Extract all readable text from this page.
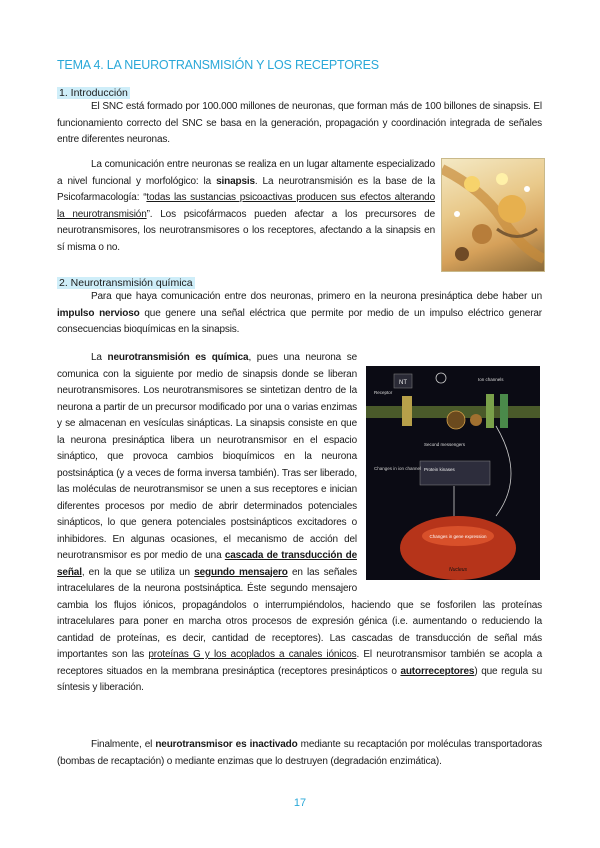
TEMA 4. LA NEUROTRANSMISIÓN Y LOS RECEPTORES
1. Introducción
El SNC está formado por 100.000 millones de neuronas, que forman más de 100 billones de sinapsis. El funcionamiento correcto del SNC se basa en la generación, propagación y coordinación integrada de señales entre diferentes neuronas.
La comunicación entre neuronas se realiza en un lugar altamente especializado a nivel funcional y morfológico: la sinapsis. La neurotransmisión es la base de la Psicofarmacología: “todas las sustancias psicoactivas producen sus efectos alterando la neurotransmisión”. Los psicofármacos pueden afectar a los precursores de neurotransmisores, los neurotransmisores o los receptores, afectando a la sinapsis en sí misma o no.
2. Neurotransmisión química
Para que haya comunicación entre dos neuronas, primero en la neurona presináptica debe haber un impulso nervioso que genere una señal eléctrica que permite por medio de un impulso eléctrico generar consecuencias bioquímicas en la sinapsis.
NT
Ion channels
Receptor
Second messengers
Protein kinases
Changes in ion channel
Changes in gene expression
Nucleus
La neurotransmisión es química, pues una neurona se comunica con la siguiente por medio de sinapsis donde se liberan neurotransmisores. Los neurotransmisores se sintetizan dentro de la neurona a partir de un precursor modificado por una o varias enzimas y se almacenan en vesículas sinápticas. La sinapsis consiste en que la neurona presináptica libera un neurotransmisor en el espacio sináptico, que provoca cambios bioquímicos en la neurona postsináptica (y a veces de forma inversa también). Tras ser liberado, las moléculas de neurotransmisor se unen a sus receptores e inician diferentes procesos por medio de abrir determinados potenciales sinápticos, lo que genera potenciales postsinápticos excitadores o inhibidores. En algunas ocasiones, el mecanismo de acción del neurotransmisor es por medio de una cascada de transducción de señal, en la que se utiliza un segundo mensajero en las señales intracelulares de la neurona postsináptica. Éste segundo mensajero cambia los flujos iónicos, propagándolos o interrumpiéndolos, haciendo que se fosforilen las proteínas intracelulares para poner en marcha otros procesos de expresión génica (i.e. aumentando o reduciendo la cantidad de proteínas, es decir, cantidad de receptores). Las cascadas de transducción de señal más importantes son las proteínas G y los acoplados a canales iónicos. El neurotransmisor también se acopla a receptores situados en la membrana presináptica (receptores presinápticos o autorreceptores) que regula su síntesis y liberación.
Finalmente, el neurotransmisor es inactivado mediante su recaptación por moléculas transportadoras (bombas de recaptación) o mediante enzimas que lo destruyen (degradación enzimática).
17
